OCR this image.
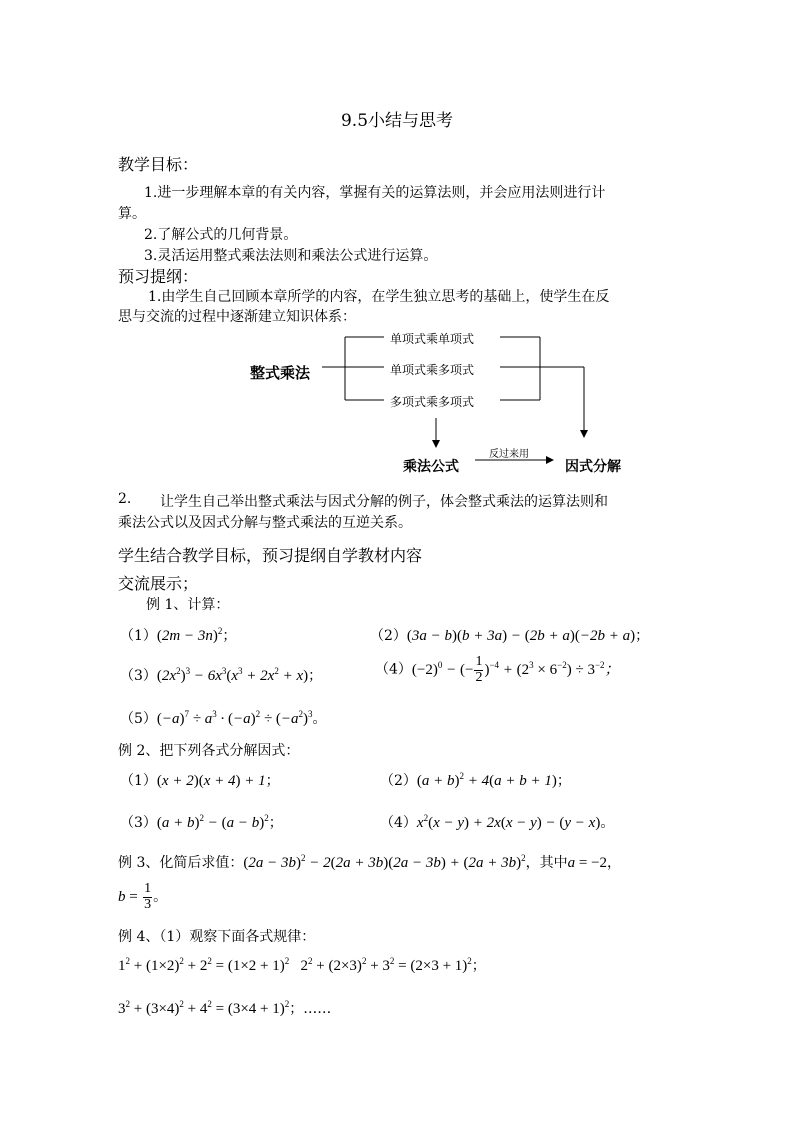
9.5小结与思考
教学目标：
1.进一步理解本章的有关内容，掌握有关的运算法则，并会应用法则进行计
算。
2.了解公式的几何背景。
3.灵活运用整式乘法法则和乘法公式进行运算。
预习提纲：
1.由学生自己回顾本章所学的内容，在学生独立思考的基础上，使学生在反
思与交流的过程中逐渐建立知识体系：
整式乘法
单项式乘单项式
单项式乘多项式
多项式乘多项式
乘法公式	因式分解
反过来用
2. 让学生自己举出整式乘法与因式分解的例子，体会整式乘法的运算法则和
乘法公式以及因式分解与整式乘法的互逆关系。
学生结合教学目标，预习提纲自学教材内容
交流展示；
例 1、计算：
$(1)(2m - 3n)^2$；	（2）(3a − b)(b + 3a) − (2b + a)(−2b + a)；
$(3)(2x^2)^3 - 6x^3(x^3 + 2x^2 + x)$；	$(4)(-2)^0$ − (− $\frac{1}{2} )^{-4} + (2^3 \times 6^{-2}) \div 3^{-2}$；
$(5)(-a)^7 \div a^3 \cdot (-a)^2 \div (-a^2)^3$。
例 2、把下列各式分解因式：
（1）(x + 2)(x + 4) + 1；	$(2)(a + b)^2 + 4(a + b + 1)$；
$(3)(a + b)^2 - (a - b)^2$；	$(4)x^2(x - y) + 2x(x - y) - (y - x)$。
例 3、化简后求值：$(2a - 3b)^2 - 2(2a + 3b)(2a - 3b) + (2a + 3b)^2$，其中a = −2，
$b = \frac{1}{3}$ 。
例 4、（1）观察下面各式规律：
$1^2 + (1\times 2)^2 + 2^2 = (1\times 2 + 1)^2$   $2^2 + (2\times 3)^2 + 3^2 = (2\times 3 + 1)^2$；
$3^2 + (3\times 4)^2 + 4^2 = (3\times 4 + 1)^2$；……
